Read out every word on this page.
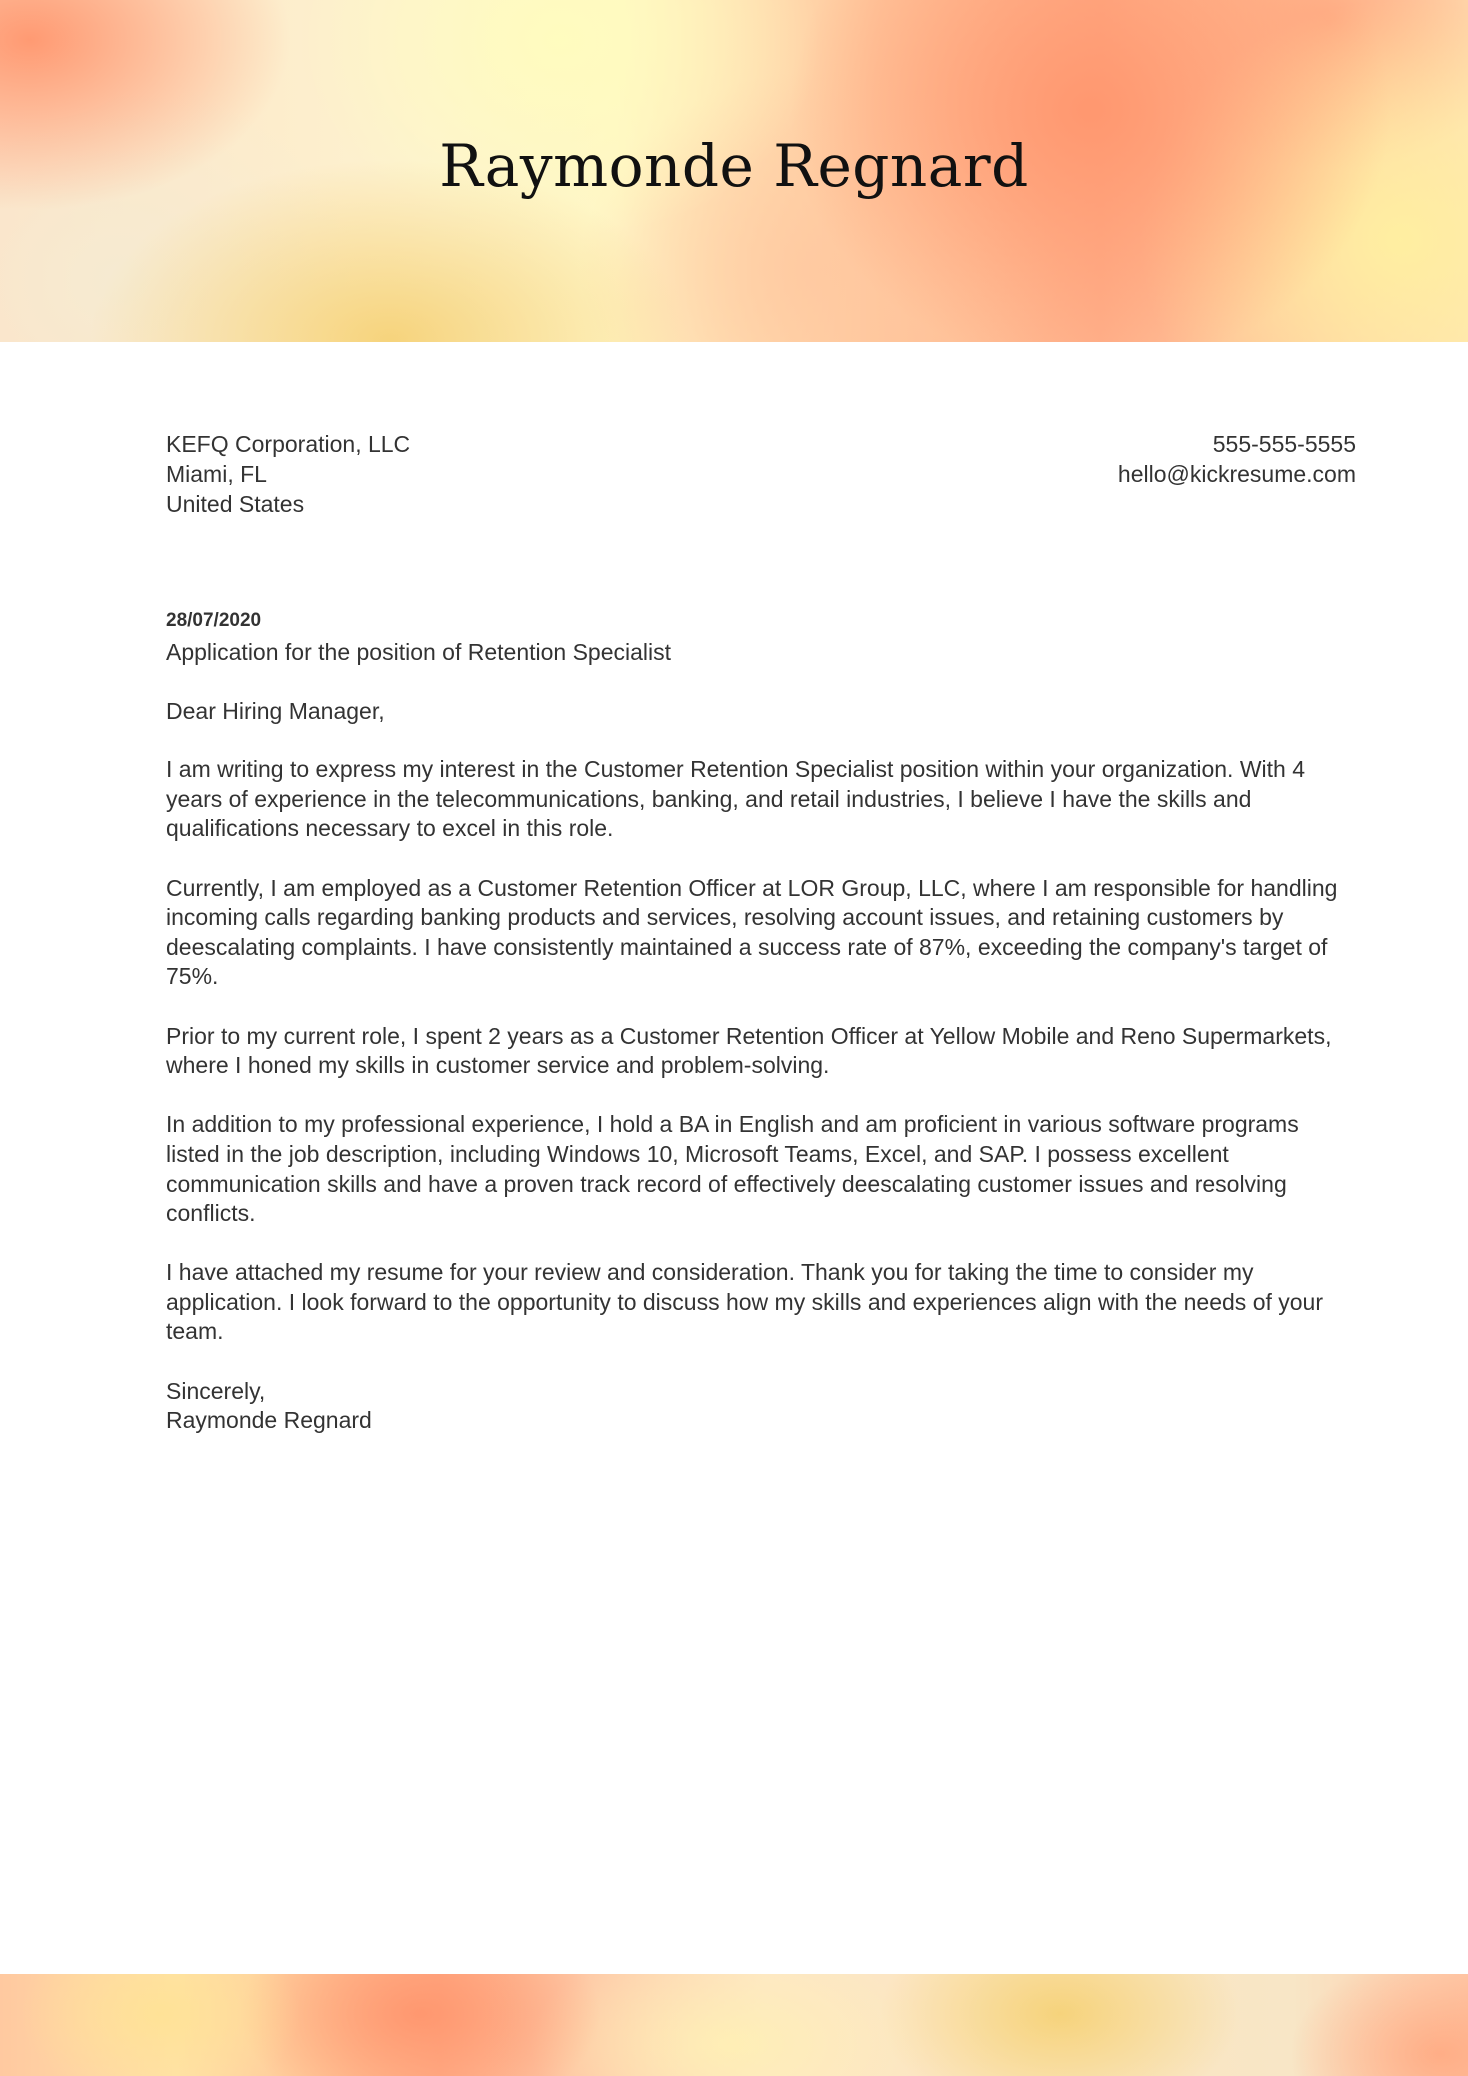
Raymonde Regnard
KEFQ Corporation, LLC
Miami, FL
United States
555-555-5555
hello@kickresume.com
28/07/2020
Application for the position of Retention Specialist
Dear Hiring Manager,

I am writing to express my interest in the Customer Retention Specialist position within your organization. With 4 years of experience in the telecommunications, banking, and retail industries, I believe I have the skills and qualifications necessary to excel in this role.

Currently, I am employed as a Customer Retention Officer at LOR Group, LLC, where I am responsible for handling incoming calls regarding banking products and services, resolving account issues, and retaining customers by deescalating complaints. I have consistently maintained a success rate of 87%, exceeding the company's target of 75%.

Prior to my current role, I spent 2 years as a Customer Retention Officer at Yellow Mobile and Reno Supermarkets, where I honed my skills in customer service and problem-solving.

In addition to my professional experience, I hold a BA in English and am proficient in various software programs listed in the job description, including Windows 10, Microsoft Teams, Excel, and SAP. I possess excellent communication skills and have a proven track record of effectively deescalating customer issues and resolving conflicts.

I have attached my resume for your review and consideration. Thank you for taking the time to consider my application. I look forward to the opportunity to discuss how my skills and experiences align with the needs of your team.

Sincerely,
Raymonde Regnard
